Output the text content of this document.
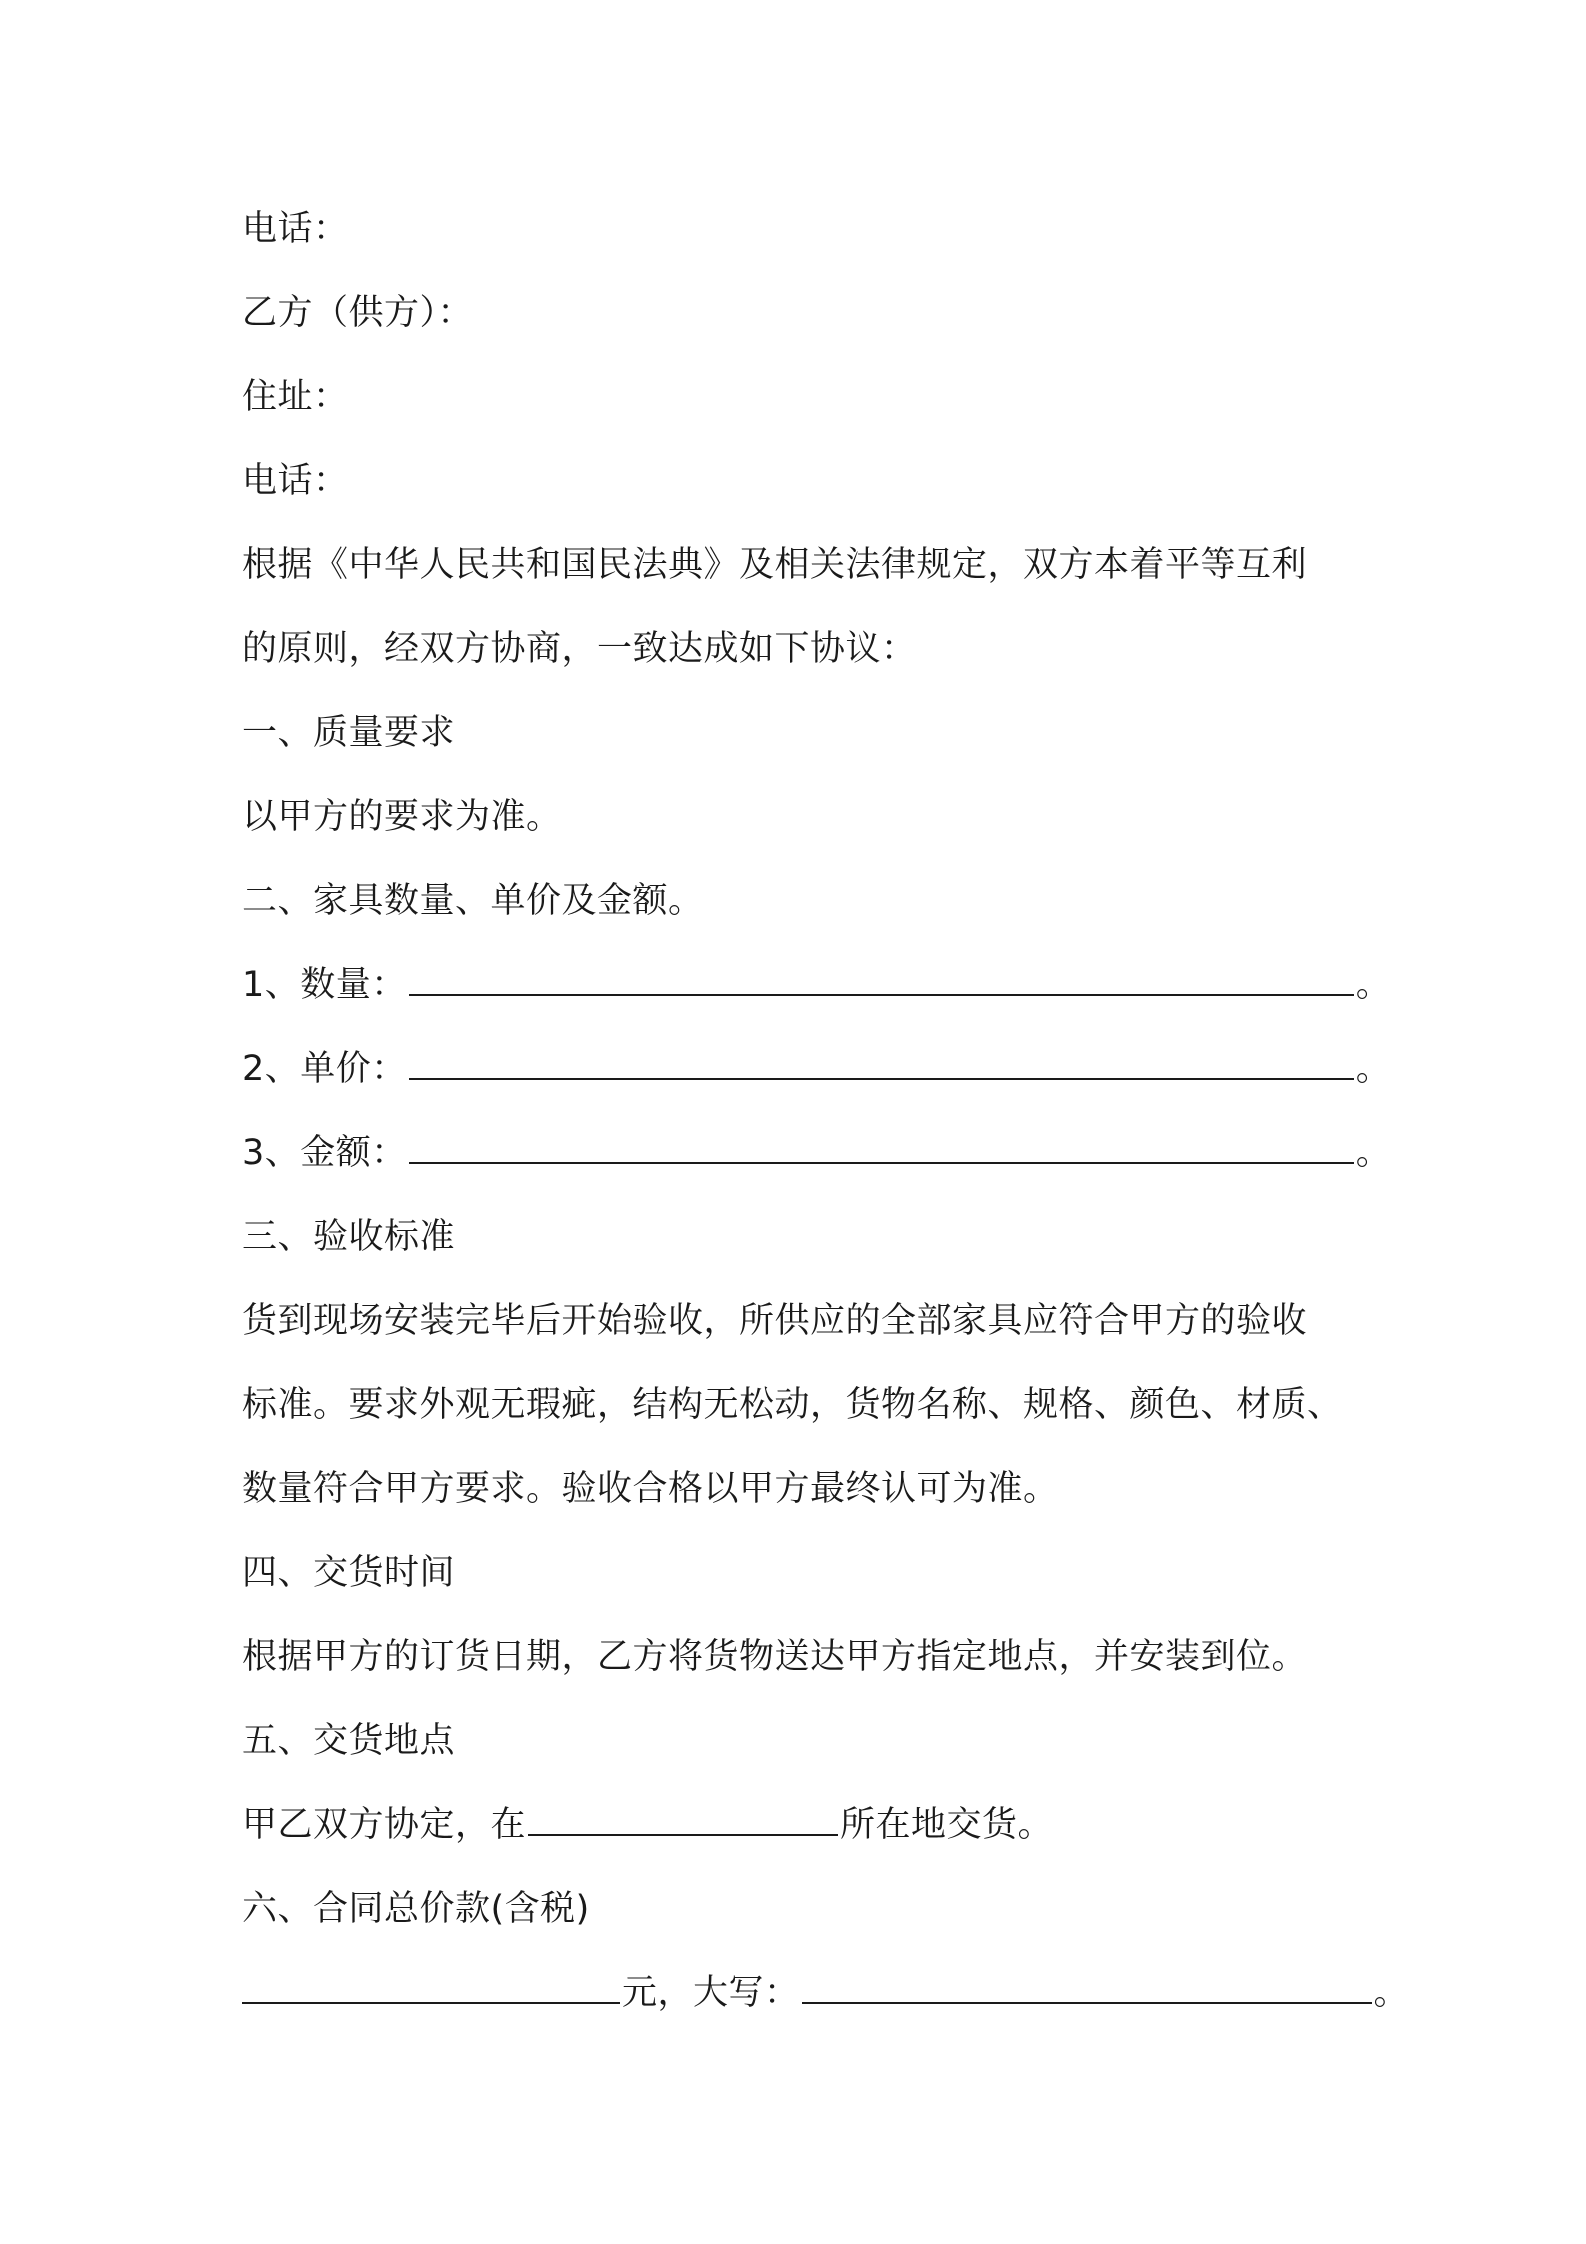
电话：
乙方（供方）：
住址：
电话：
根据《中华人民共和国民法典》及相关法律规定，双方本着平等互利
的原则，经双方协商，一致达成如下协议：
一、质量要求
以甲方的要求为准。
二、家具数量、单价及金额。
1、数量：	。
2、单价：	。
3、金额：	。
三、验收标准
货到现场安装完毕后开始验收，所供应的全部家具应符合甲方的验收
标准。要求外观无瑕疵，结构无松动，货物名称、规格、颜色、材质、
数量符合甲方要求。验收合格以甲方最终认可为准。
四、交货时间
根据甲方的订货日期，乙方将货物送达甲方指定地点，并安装到位。
五、交货地点
甲乙双方协定，在	所在地交货。
六、合同总价款(含税)
元，大写：	。
